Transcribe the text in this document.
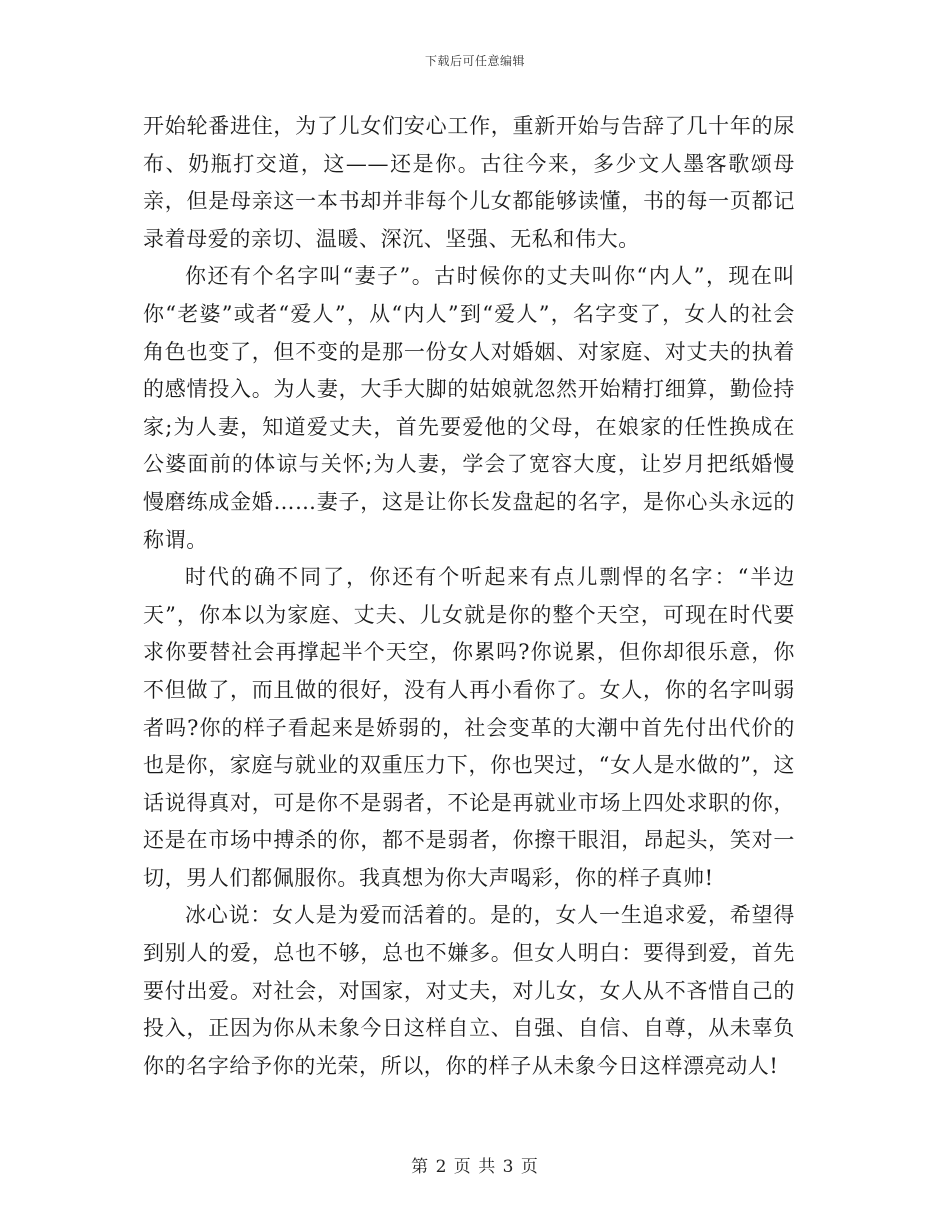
下载后可任意编辑

开始轮番进住，为了儿女们安心工作，重新开始与告辞了几十年的尿布、奶瓶打交道，这——还是你。古往今来，多少文人墨客歌颂母亲，但是母亲这一本书却并非每个儿女都能够读懂，书的每一页都记录着母爱的亲切、温暖、深沉、坚强、无私和伟大。

你还有个名字叫“妻子”。古时候你的丈夫叫你“内人”，现在叫你“老婆”或者“爱人”，从“内人”到“爱人”，名字变了，女人的社会角色也变了，但不变的是那一份女人对婚姻、对家庭、对丈夫的执着的感情投入。为人妻，大手大脚的姑娘就忽然开始精打细算，勤俭持家;为人妻，知道爱丈夫，首先要爱他的父母，在娘家的任性换成在公婆面前的体谅与关怀;为人妻，学会了宽容大度，让岁月把纸婚慢慢磨练成金婚……妻子，这是让你长发盘起的名字，是你心头永远的称谓。

时代的确不同了，你还有个听起来有点儿剽悍的名字：“半边天”，你本以为家庭、丈夫、儿女就是你的整个天空，可现在时代要求你要替社会再撑起半个天空，你累吗?你说累，但你却很乐意，你不但做了，而且做的很好，没有人再小看你了。女人，你的名字叫弱者吗?你的样子看起来是娇弱的，社会变革的大潮中首先付出代价的也是你，家庭与就业的双重压力下，你也哭过，“女人是水做的”，这话说得真对，可是你不是弱者，不论是再就业市场上四处求职的你，还是在市场中搏杀的你，都不是弱者，你擦干眼泪，昂起头，笑对一切，男人们都佩服你。我真想为你大声喝彩，你的样子真帅!

冰心说：女人是为爱而活着的。是的，女人一生追求爱，希望得到别人的爱，总也不够，总也不嫌多。但女人明白：要得到爱，首先要付出爱。对社会，对国家，对丈夫，对儿女，女人从不吝惜自己的投入，正因为你从未象今日这样自立、自强、自信、自尊，从未辜负你的名字给予你的光荣，所以，你的样子从未象今日这样漂亮动人!

第 2 页 共 3 页
